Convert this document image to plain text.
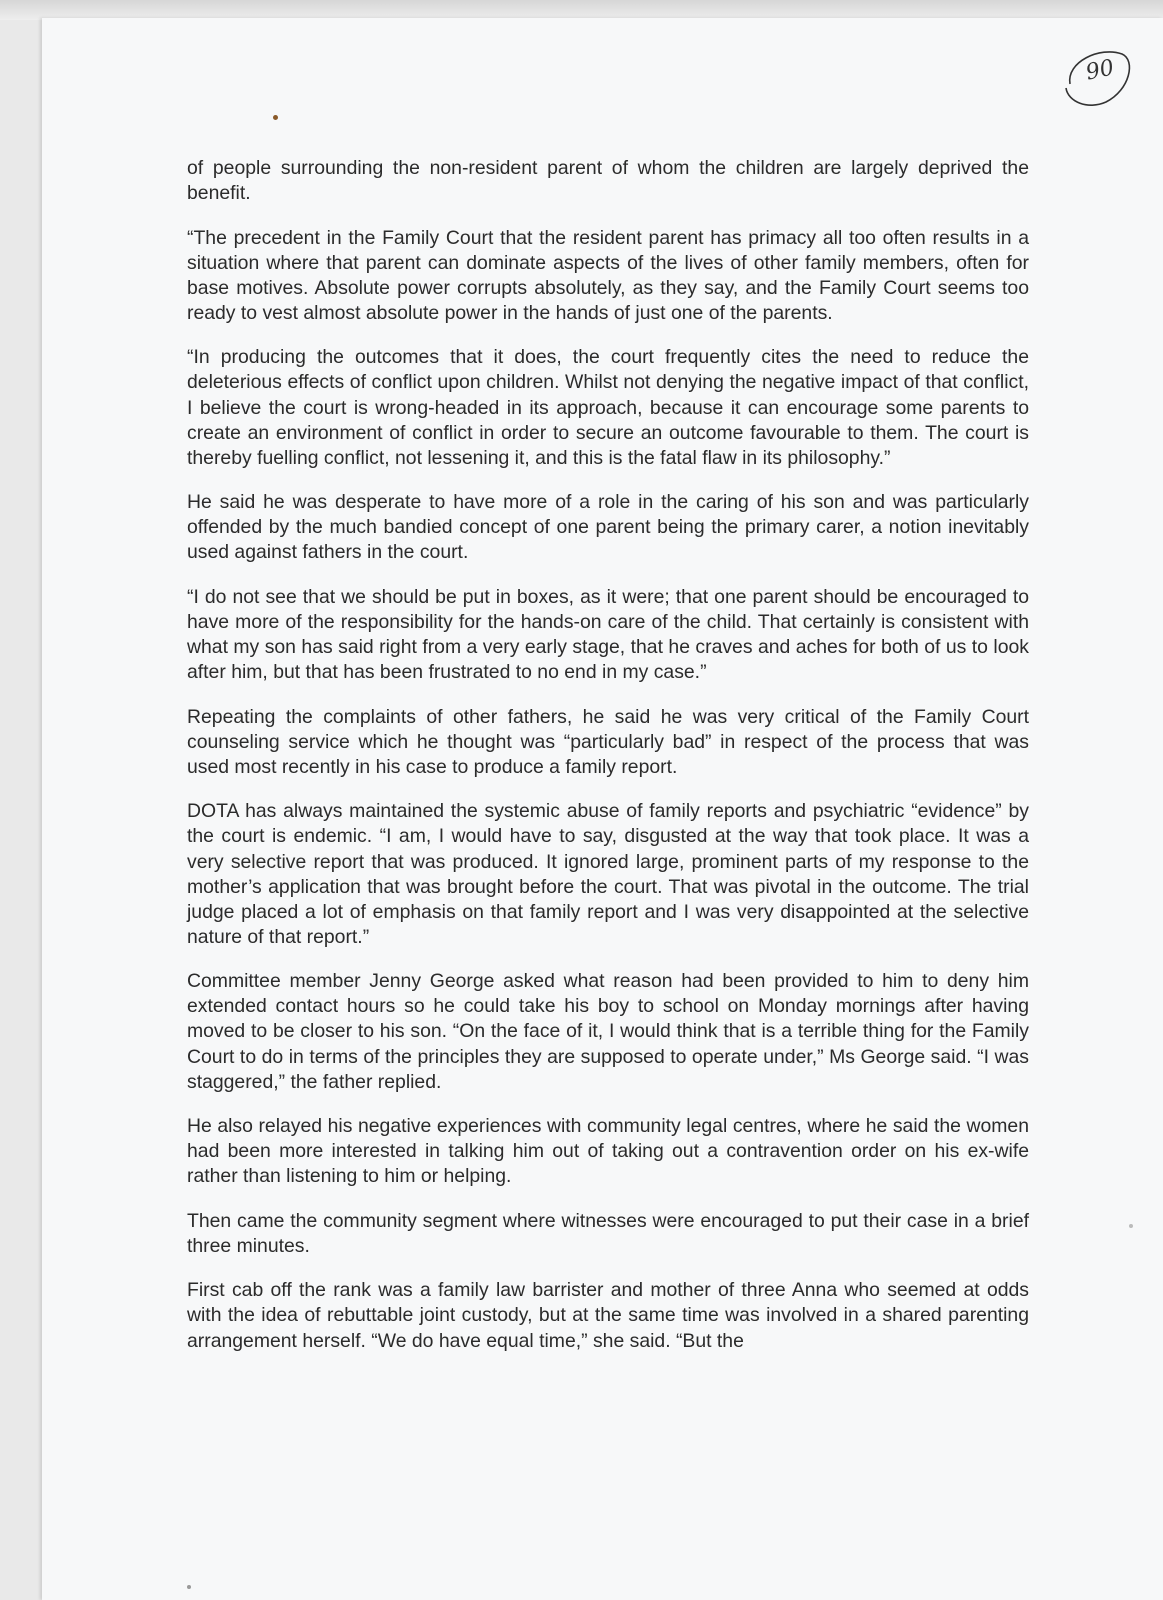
90

of people surrounding the non-resident parent of whom the children are largely deprived the benefit.

“The precedent in the Family Court that the resident parent has primacy all too often results in a situation where that parent can dominate aspects of the lives of other family members, often for base motives. Absolute power corrupts absolutely, as they say, and the Family Court seems too ready to vest almost absolute power in the hands of just one of the parents.

“In producing the outcomes that it does, the court frequently cites the need to reduce the deleterious effects of conflict upon children. Whilst not denying the negative impact of that conflict, I believe the court is wrong-headed in its approach, because it can encourage some parents to create an environment of conflict in order to secure an outcome favourable to them. The court is thereby fuelling conflict, not lessening it, and this is the fatal flaw in its philosophy.”

He said he was desperate to have more of a role in the caring of his son and was particularly offended by the much bandied concept of one parent being the primary carer, a notion inevitably used against fathers in the court.

“I do not see that we should be put in boxes, as it were; that one parent should be encouraged to have more of the responsibility for the hands-on care of the child. That certainly is consistent with what my son has said right from a very early stage, that he craves and aches for both of us to look after him, but that has been frustrated to no end in my case.”

Repeating the complaints of other fathers, he said he was very critical of the Family Court counseling service which he thought was “particularly bad” in respect of the process that was used most recently in his case to produce a family report.

DOTA has always maintained the systemic abuse of family reports and psychiatric “evidence” by the court is endemic. “I am, I would have to say, disgusted at the way that took place. It was a very selective report that was produced. It ignored large, prominent parts of my response to the mother’s application that was brought before the court. That was pivotal in the outcome. The trial judge placed a lot of emphasis on that family report and I was very disappointed at the selective nature of that report.”

Committee member Jenny George asked what reason had been provided to him to deny him extended contact hours so he could take his boy to school on Monday mornings after having moved to be closer to his son. “On the face of it, I would think that is a terrible thing for the Family Court to do in terms of the principles they are supposed to operate under,” Ms George said. “I was staggered,” the father replied.

He also relayed his negative experiences with community legal centres, where he said the women had been more interested in talking him out of taking out a contravention order on his ex-wife rather than listening to him or helping.

Then came the community segment where witnesses were encouraged to put their case in a brief three minutes.

First cab off the rank was a family law barrister and mother of three Anna who seemed at odds with the idea of rebuttable joint custody, but at the same time was involved in a shared parenting arrangement herself. “We do have equal time,” she said. “But the
